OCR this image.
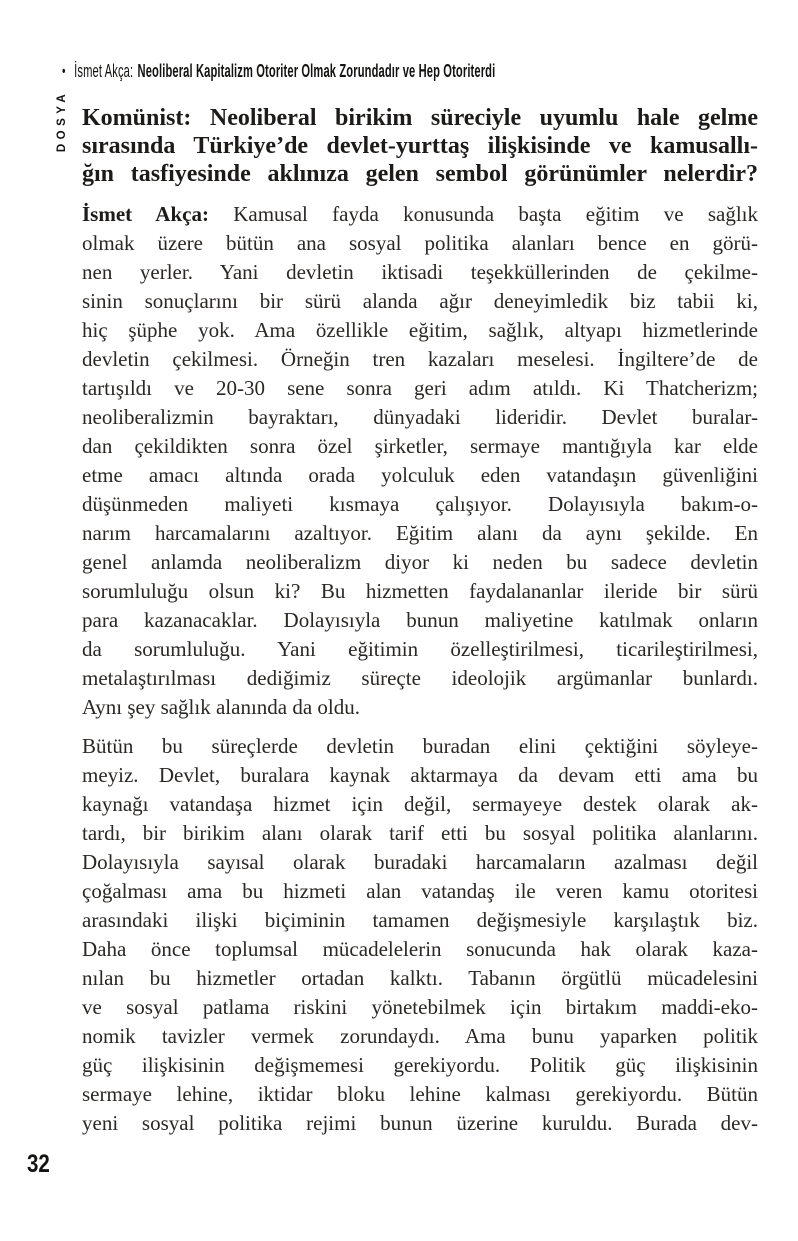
• İsmet Akça: Neoliberal Kapitalizm Otoriter Olmak Zorundadır ve Hep Otoriterdi
DOSYA Komünist: Neoliberal birikim süreciyle uyumlu hale gelme
sırasında Türkiye’de devlet-yurttaş ilişkisinde ve kamusallı-
ğın tasfiyesinde aklınıza gelen sembol görünümler nelerdir?
İsmet Akça: Kamusal fayda konusunda başta eğitim ve sağlık
olmak üzere bütün ana sosyal politika alanları bence en görü-
nen yerler. Yani devletin iktisadi teşekküllerinden de çekilme-
sinin sonuçlarını bir sürü alanda ağır deneyimledik biz tabii ki,
hiç şüphe yok. Ama özellikle eğitim, sağlık, altyapı hizmetlerinde
devletin çekilmesi. Örneğin tren kazaları meselesi. İngiltere’de de
tartışıldı ve 20-30 sene sonra geri adım atıldı. Ki Thatcherizm;
neoliberalizmin bayraktarı, dünyadaki lideridir. Devlet buralar-
dan çekildikten sonra özel şirketler, sermaye mantığıyla kar elde
etme amacı altında orada yolculuk eden vatandaşın güvenliğini
düşünmeden maliyeti kısmaya çalışıyor. Dolayısıyla bakım-o-
narım harcamalarını azaltıyor. Eğitim alanı da aynı şekilde. En
genel anlamda neoliberalizm diyor ki neden bu sadece devletin
sorumluluğu olsun ki? Bu hizmetten faydalananlar ileride bir sürü
para kazanacaklar. Dolayısıyla bunun maliyetine katılmak onların
da sorumluluğu. Yani eğitimin özelleştirilmesi, ticarileştirilmesi,
metalaştırılması dediğimiz süreçte ideolojik argümanlar bunlardı.
Aynı şey sağlık alanında da oldu.
Bütün bu süreçlerde devletin buradan elini çektiğini söyleye-
meyiz. Devlet, buralara kaynak aktarmaya da devam etti ama bu
kaynağı vatandaşa hizmet için değil, sermayeye destek olarak ak-
tardı, bir birikim alanı olarak tarif etti bu sosyal politika alanlarını.
Dolayısıyla sayısal olarak buradaki harcamaların azalması değil
çoğalması ama bu hizmeti alan vatandaş ile veren kamu otoritesi
arasındaki ilişki biçiminin tamamen değişmesiyle karşılaştık biz.
Daha önce toplumsal mücadelelerin sonucunda hak olarak kaza-
nılan bu hizmetler ortadan kalktı. Tabanın örgütlü mücadelesini
ve sosyal patlama riskini yönetebilmek için birtakım maddi-eko-
nomik tavizler vermek zorundaydı. Ama bunu yaparken politik
güç ilişkisinin değişmemesi gerekiyordu. Politik güç ilişkisinin
sermaye lehine, iktidar bloku lehine kalması gerekiyordu. Bütün
yeni sosyal politika rejimi bunun üzerine kuruldu. Burada dev-
32
